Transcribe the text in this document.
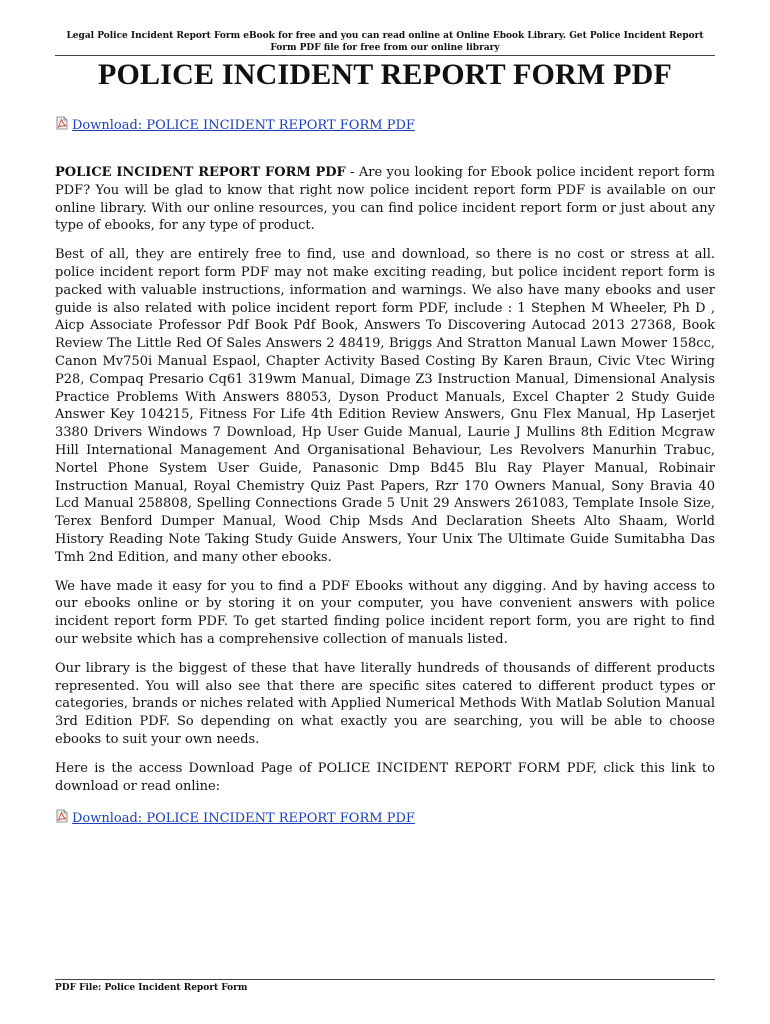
Legal Police Incident Report Form eBook for free and you can read online at Online Ebook Library. Get Police Incident Report Form PDF file for free from our online library
POLICE INCIDENT REPORT FORM PDF
Download: POLICE INCIDENT REPORT FORM PDF

POLICE INCIDENT REPORT FORM PDF - Are you looking for Ebook police incident report form PDF? You will be glad to know that right now police incident report form PDF is available on our online library. With our online resources, you can find police incident report form or just about any type of ebooks, for any type of product.

Best of all, they are entirely free to find, use and download, so there is no cost or stress at all. police incident report form PDF may not make exciting reading, but police incident report form is packed with valuable instructions, information and warnings. We also have many ebooks and user guide is also related with police incident report form PDF, include : 1 Stephen M Wheeler, Ph D , Aicp Associate Professor Pdf Book Pdf Book, Answers To Discovering Autocad 2013 27368, Book Review The Little Red Of Sales Answers 2 48419, Briggs And Stratton Manual Lawn Mower 158cc, Canon Mv750i Manual Espaol, Chapter Activity Based Costing By Karen Braun, Civic Vtec Wiring P28, Compaq Presario Cq61 319wm Manual, Dimage Z3 Instruction Manual, Dimensional Analysis Practice Problems With Answers 88053, Dyson Product Manuals, Excel Chapter 2 Study Guide Answer Key 104215, Fitness For Life 4th Edition Review Answers, Gnu Flex Manual, Hp Laserjet 3380 Drivers Windows 7 Download, Hp User Guide Manual, Laurie J Mullins 8th Edition Mcgraw Hill International Management And Organisational Behaviour, Les Revolvers Manurhin Trabuc, Nortel Phone System User Guide, Panasonic Dmp Bd45 Blu Ray Player Manual, Robinair Instruction Manual, Royal Chemistry Quiz Past Papers, Rzr 170 Owners Manual, Sony Bravia 40 Lcd Manual 258808, Spelling Connections Grade 5 Unit 29 Answers 261083, Template Insole Size, Terex Benford Dumper Manual, Wood Chip Msds And Declaration Sheets Alto Shaam, World History Reading Note Taking Study Guide Answers, Your Unix The Ultimate Guide Sumitabha Das Tmh 2nd Edition, and many other ebooks.

We have made it easy for you to find a PDF Ebooks without any digging. And by having access to our ebooks online or by storing it on your computer, you have convenient answers with police incident report form PDF. To get started finding police incident report form, you are right to find our website which has a comprehensive collection of manuals listed.

Our library is the biggest of these that have literally hundreds of thousands of different products represented. You will also see that there are specific sites catered to different product types or categories, brands or niches related with Applied Numerical Methods With Matlab Solution Manual 3rd Edition PDF. So depending on what exactly you are searching, you will be able to choose ebooks to suit your own needs.

Here is the access Download Page of POLICE INCIDENT REPORT FORM PDF, click this link to download or read online:

Download: POLICE INCIDENT REPORT FORM PDF
PDF File: Police Incident Report Form
